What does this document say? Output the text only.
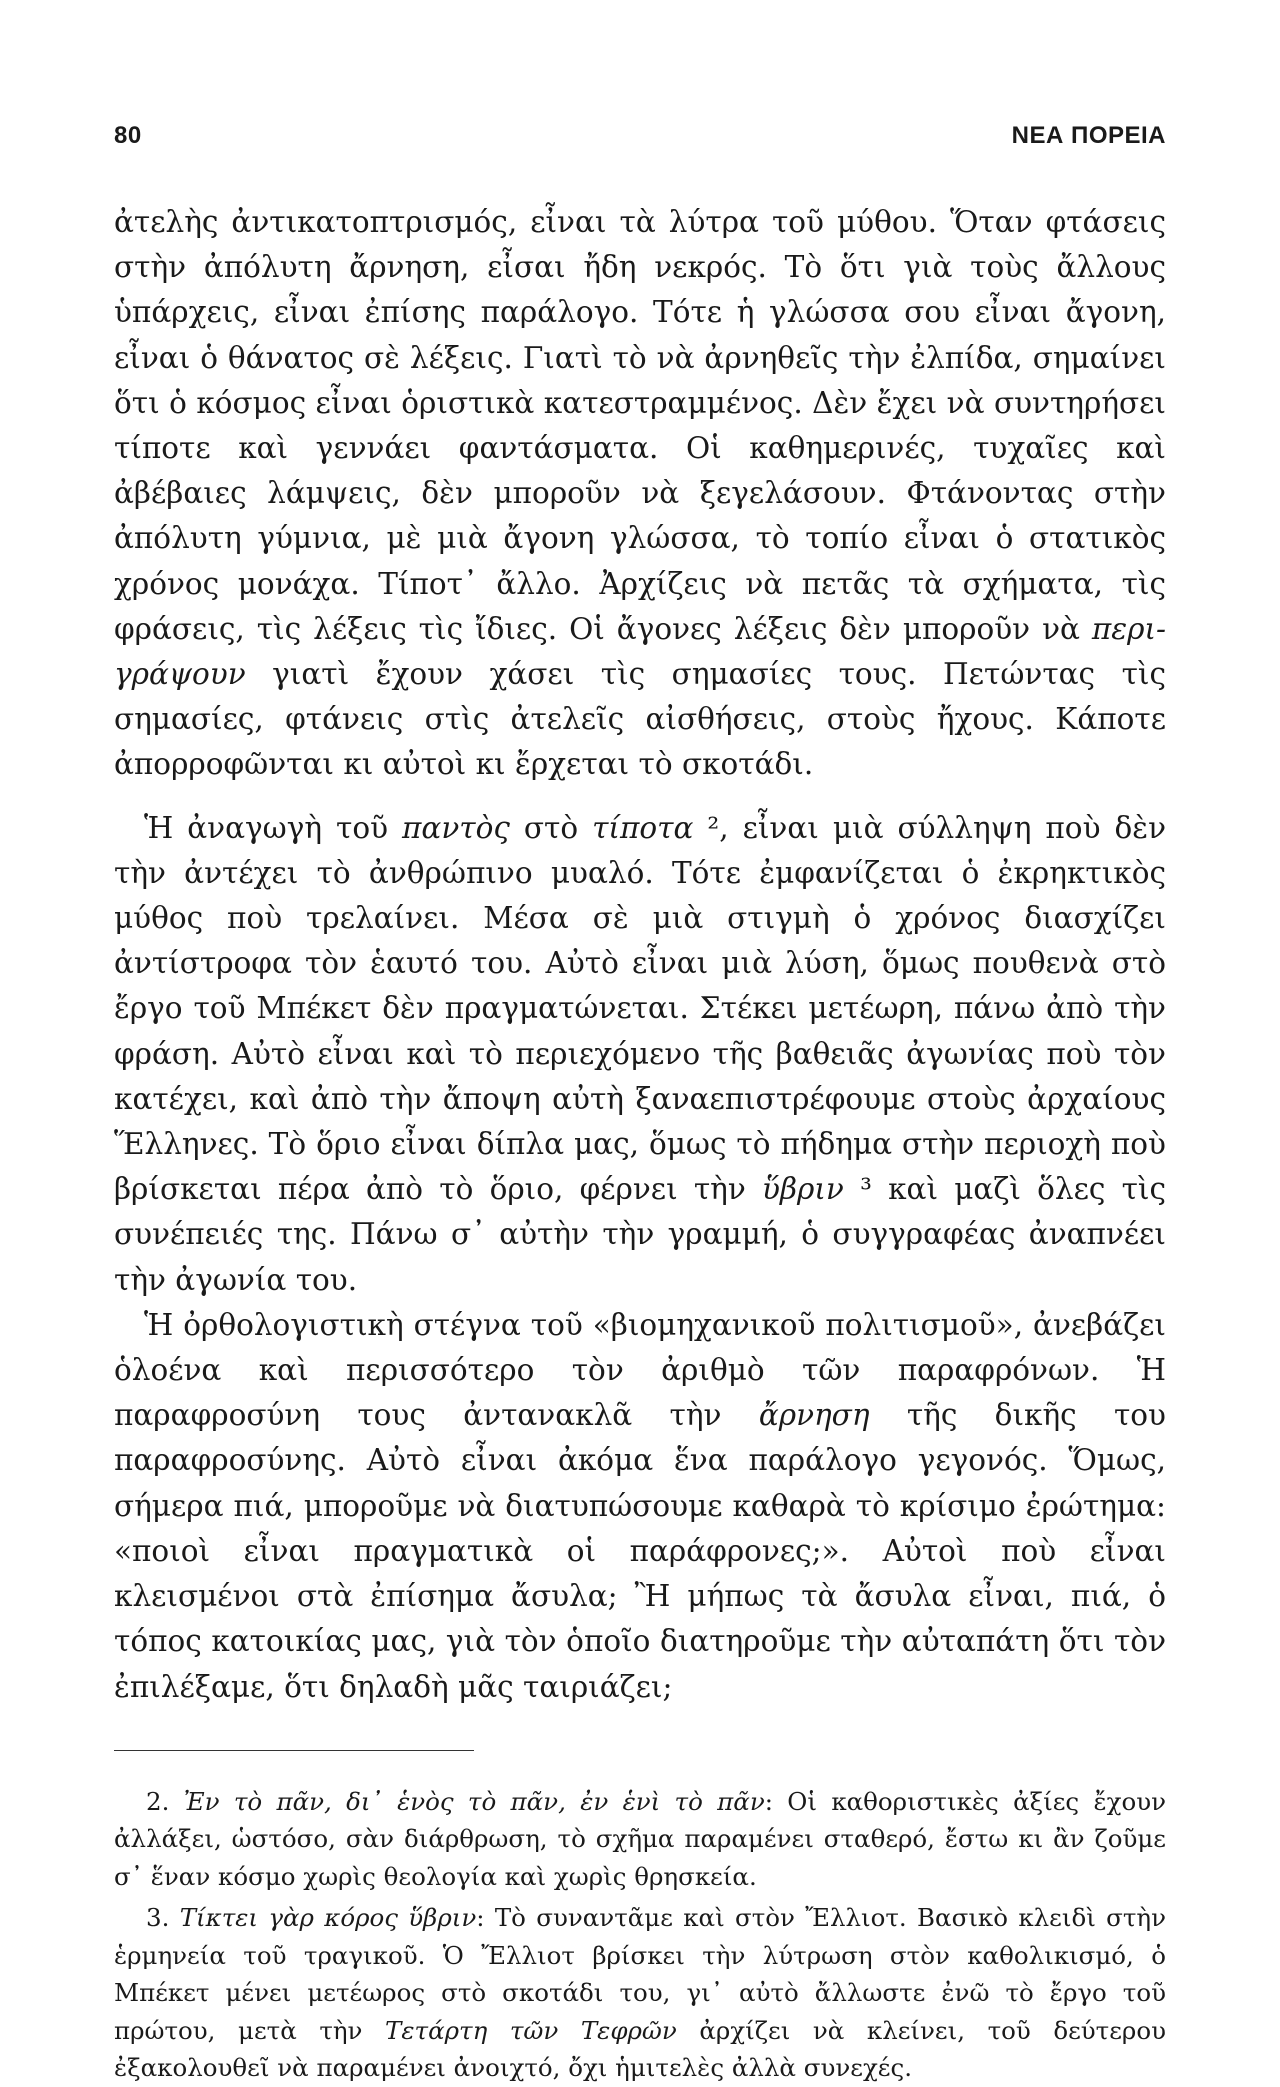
80	ΝΕΑ ΠΟΡΕΙΑ

ἀτελὴς ἀντικατοπτρισμός, εἶναι τὰ λύτρα τοῦ μύθου. Ὅταν φτάσεις στὴν ἀπόλυτη ἄρνηση, εἶσαι ἤδη νεκρός. Τὸ ὅτι γιὰ τοὺς ἄλλους ὑπάρχεις, εἶναι ἐπίσης παράλογο. Τότε ἡ γλώσσα σου εἶναι ἄγονη, εἶναι ὁ θάνατος σὲ λέξεις. Γιατὶ τὸ νὰ ἀρνηθεῖς τὴν ἐλπίδα, σημαίνει ὅτι ὁ κόσμος εἶναι ὁριστικὰ κατεστραμμένος. Δὲν ἔχει νὰ συντηρήσει τίποτε καὶ γεννάει φαντάσματα. Οἱ καθημερινές, τυχαῖες καὶ ἀβέβαιες λάμψεις, δὲν μποροῦν νὰ ξεγελάσουν. Φτάνοντας στὴν ἀπόλυτη γύμνια, μὲ μιὰ ἄγονη γλώσσα, τὸ τοπίο εἶναι ὁ στατικὸς χρόνος μονάχα. Τίποτ᾽ ἄλλο. Ἀρχίζεις νὰ πετᾶς τὰ σχήματα, τὶς φράσεις, τὶς λέξεις τὶς ἴδιες. Οἱ ἄγονες λέξεις δὲν μποροῦν νὰ περι-γράψουν γιατὶ ἔχουν χάσει τὶς σημασίες τους. Πετώντας τὶς σημασίες, φτάνεις στὶς ἀτελεῖς αἰσθήσεις, στοὺς ἤχους. Κάποτε ἀπορροφῶνται κι αὐτοὶ κι ἔρχεται τὸ σκοτάδι.

Ἡ ἀναγωγὴ τοῦ παντὸς στὸ τίποτα ², εἶναι μιὰ σύλληψη ποὺ δὲν τὴν ἀντέχει τὸ ἀνθρώπινο μυαλό. Τότε ἐμφανίζεται ὁ ἐκρηκτικὸς μύθος ποὺ τρελαίνει. Μέσα σὲ μιὰ στιγμὴ ὁ χρόνος διασχίζει ἀντίστροφα τὸν ἑαυτό του. Αὐτὸ εἶναι μιὰ λύση, ὅμως πουθενὰ στὸ ἔργο τοῦ Μπέκετ δὲν πραγματώνεται. Στέκει μετέωρη, πάνω ἀπὸ τὴν φράση. Αὐτὸ εἶναι καὶ τὸ περιεχόμενο τῆς βαθειᾶς ἀγωνίας ποὺ τὸν κατέχει, καὶ ἀπὸ τὴν ἄποψη αὐτὴ ξαναεπιστρέφουμε στοὺς ἀρχαίους Ἕλληνες. Τὸ ὅριο εἶναι δίπλα μας, ὅμως τὸ πήδημα στὴν περιοχὴ ποὺ βρίσκεται πέρα ἀπὸ τὸ ὅριο, φέρνει τὴν ὕβριν ³ καὶ μαζὶ ὅλες τὶς συνέπειές της. Πάνω σ᾽ αὐτὴν τὴν γραμμή, ὁ συγγραφέας ἀναπνέει τὴν ἀγωνία του.

Ἡ ὀρθολογιστικὴ στέγνα τοῦ «βιομηχανικοῦ πολιτισμοῦ», ἀνεβάζει ὁλοένα καὶ περισσότερο τὸν ἀριθμὸ τῶν παραφρόνων. Ἡ παραφροσύνη τους ἀντανακλᾶ τὴν ἄρνηση τῆς δικῆς του παραφροσύνης. Αὐτὸ εἶναι ἀκόμα ἕνα παράλογο γεγονός. Ὅμως, σήμερα πιά, μποροῦμε νὰ διατυπώσουμε καθαρὰ τὸ κρίσιμο ἐρώτημα: «ποιοὶ εἶναι πραγματικὰ οἱ παράφρονες;». Αὐτοὶ ποὺ εἶναι κλεισμένοι στὰ ἐπίσημα ἄσυλα; Ἢ μήπως τὰ ἄσυλα εἶναι, πιά, ὁ τόπος κατοικίας μας, γιὰ τὸν ὁποῖο διατηροῦμε τὴν αὐταπάτη ὅτι τὸν ἐπιλέξαμε, ὅτι δηλαδὴ μᾶς ταιριάζει;

2. Ἐν τὸ πᾶν, δι᾽ ἑνὸς τὸ πᾶν, ἐν ἑνὶ τὸ πᾶν: Οἱ καθοριστικὲς ἀξίες ἔχουν ἀλλάξει, ὡστόσο, σὰν διάρθρωση, τὸ σχῆμα παραμένει σταθερό, ἔστω κι ἂν ζοῦμε σ᾽ ἕναν κόσμο χωρὶς θεολογία καὶ χωρὶς θρησκεία.

3. Τίκτει γὰρ κόρος ὕβριν: Τὸ συναντᾶμε καὶ στὸν Ἔλλιοτ. Βασικὸ κλειδὶ στὴν ἑρμηνεία τοῦ τραγικοῦ. Ὁ Ἔλλιοτ βρίσκει τὴν λύτρωση στὸν καθολικισμό, ὁ Μπέκετ μένει μετέωρος στὸ σκοτάδι του, γι᾽ αὐτὸ ἄλλωστε ἐνῶ τὸ ἔργο τοῦ πρώτου, μετὰ τὴν Τετάρτη τῶν Τεφρῶν ἀρχίζει νὰ κλείνει, τοῦ δεύτερου ἐξακολουθεῖ νὰ παραμένει ἀνοιχτό, ὄχι ἡμιτελὲς ἀλλὰ συνεχές.
